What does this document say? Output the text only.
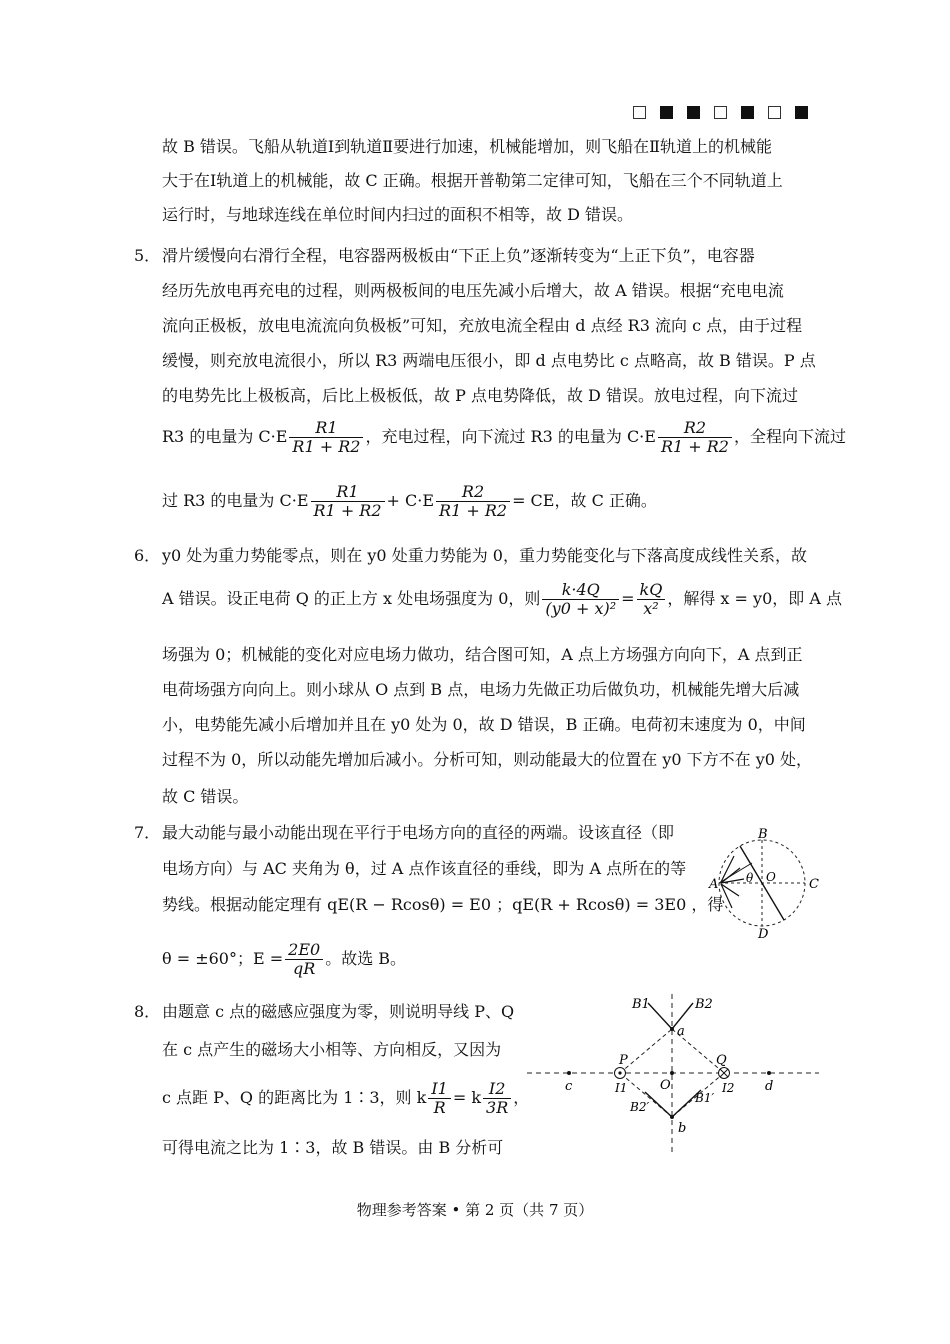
故 B 错误。飞船从轨道Ⅰ到轨道Ⅱ要进行加速，机械能增加，则飞船在Ⅱ轨道上的机械能
大于在Ⅰ轨道上的机械能，故 C 正确。根据开普勒第二定律可知，飞船在三个不同轨道上
运行时，与地球连线在单位时间内扫过的面积不相等，故 D 错误。
5． 滑片缓慢向右滑行全程，电容器两极板由“下正上负”逐渐转变为“上正下负”，电容器
经历先放电再充电的过程，则两极板间的电压先减小后增大，故 A 错误。根据“充电电流
流向正极板，放电电流流向负极板”可知，充放电流全程由 d 点经 R3 流向 c 点，由于过程
缓慢，则充放电流很小，所以 R3 两端电压很小，即 d 点电势比 c 点略高，故 B 错误。P 点
的电势先比上极板高，后比上极板低，故 P 点电势降低，故 D 错误。放电过程，向下流过
R3 的电量为 $C\cdot E \frac{R1}{R1 + R2}$ ，充电过程，向下流过 R3 的电量为 $C\cdot E \frac{R2}{R1 + R2}$ ，全程向下流过
过 R3 的电量为 $C\cdot E \frac{R1}{R1 + R2} + C\cdot E \frac{R2}{R1 + R2}$ = CE，故 C 正确。
6． y0 处为重力势能零点，则在 y0 处重力势能为 0，重力势能变化与下落高度成线性关系，故
A 错误。设正电荷 Q 的正上方 x 处电场强度为 0，则 $\frac{k\cdot 4Q}{\text{(y0 + x)²}} = \frac{kQ}{\text{x²}}$ ，解得 x = y0，即 A 点
场强为 0；机械能的变化对应电场力做功，结合图可知，A 点上方场强方向向下，A 点到正
电荷场强方向向上。则小球从 O 点到 B 点，电场力先做正功后做负功，机械能先增大后减
小，电势能先减小后增加并且在 y0 处为 0，故 D 错误，B 正确。电荷初末速度为 0，中间
过程不为 0，所以动能先增加后减小。分析可知，则动能最大的位置在 y0 下方不在 y0 处，
故 C 错误。
7． 最大动能与最小动能出现在平行于电场方向的直径的两端。设该直径（即
电场方向）与 AC 夹角为 θ，过 A 点作该直径的垂线，即为 A 点所在的等
势线。根据动能定理有 qE(R − Rcosθ) = E0 ；qE(R + Rcosθ) = 3E0 ，得
θ = ±60°；$E = \frac{2E0}{qR}$ 。故选 B。
B
A θ O	C
D
8． 由题意 c 点的磁感应强度为零，则说明导线 P、Q
在 c 点产生的磁场大小相等、方向相反，又因为
c 点距 P、Q 的距离比为 1∶3，则 k $\frac{I1}{R} = k \frac{I2}{3R}$ ，
可得电流之比为 1∶3，故 B 错误。由 B 分析可
B1	B2
a
P	Q
c	O	d
I1	I2
B2′
B1′
b
物理参考答案 • 第 2 页（共 7 页）
